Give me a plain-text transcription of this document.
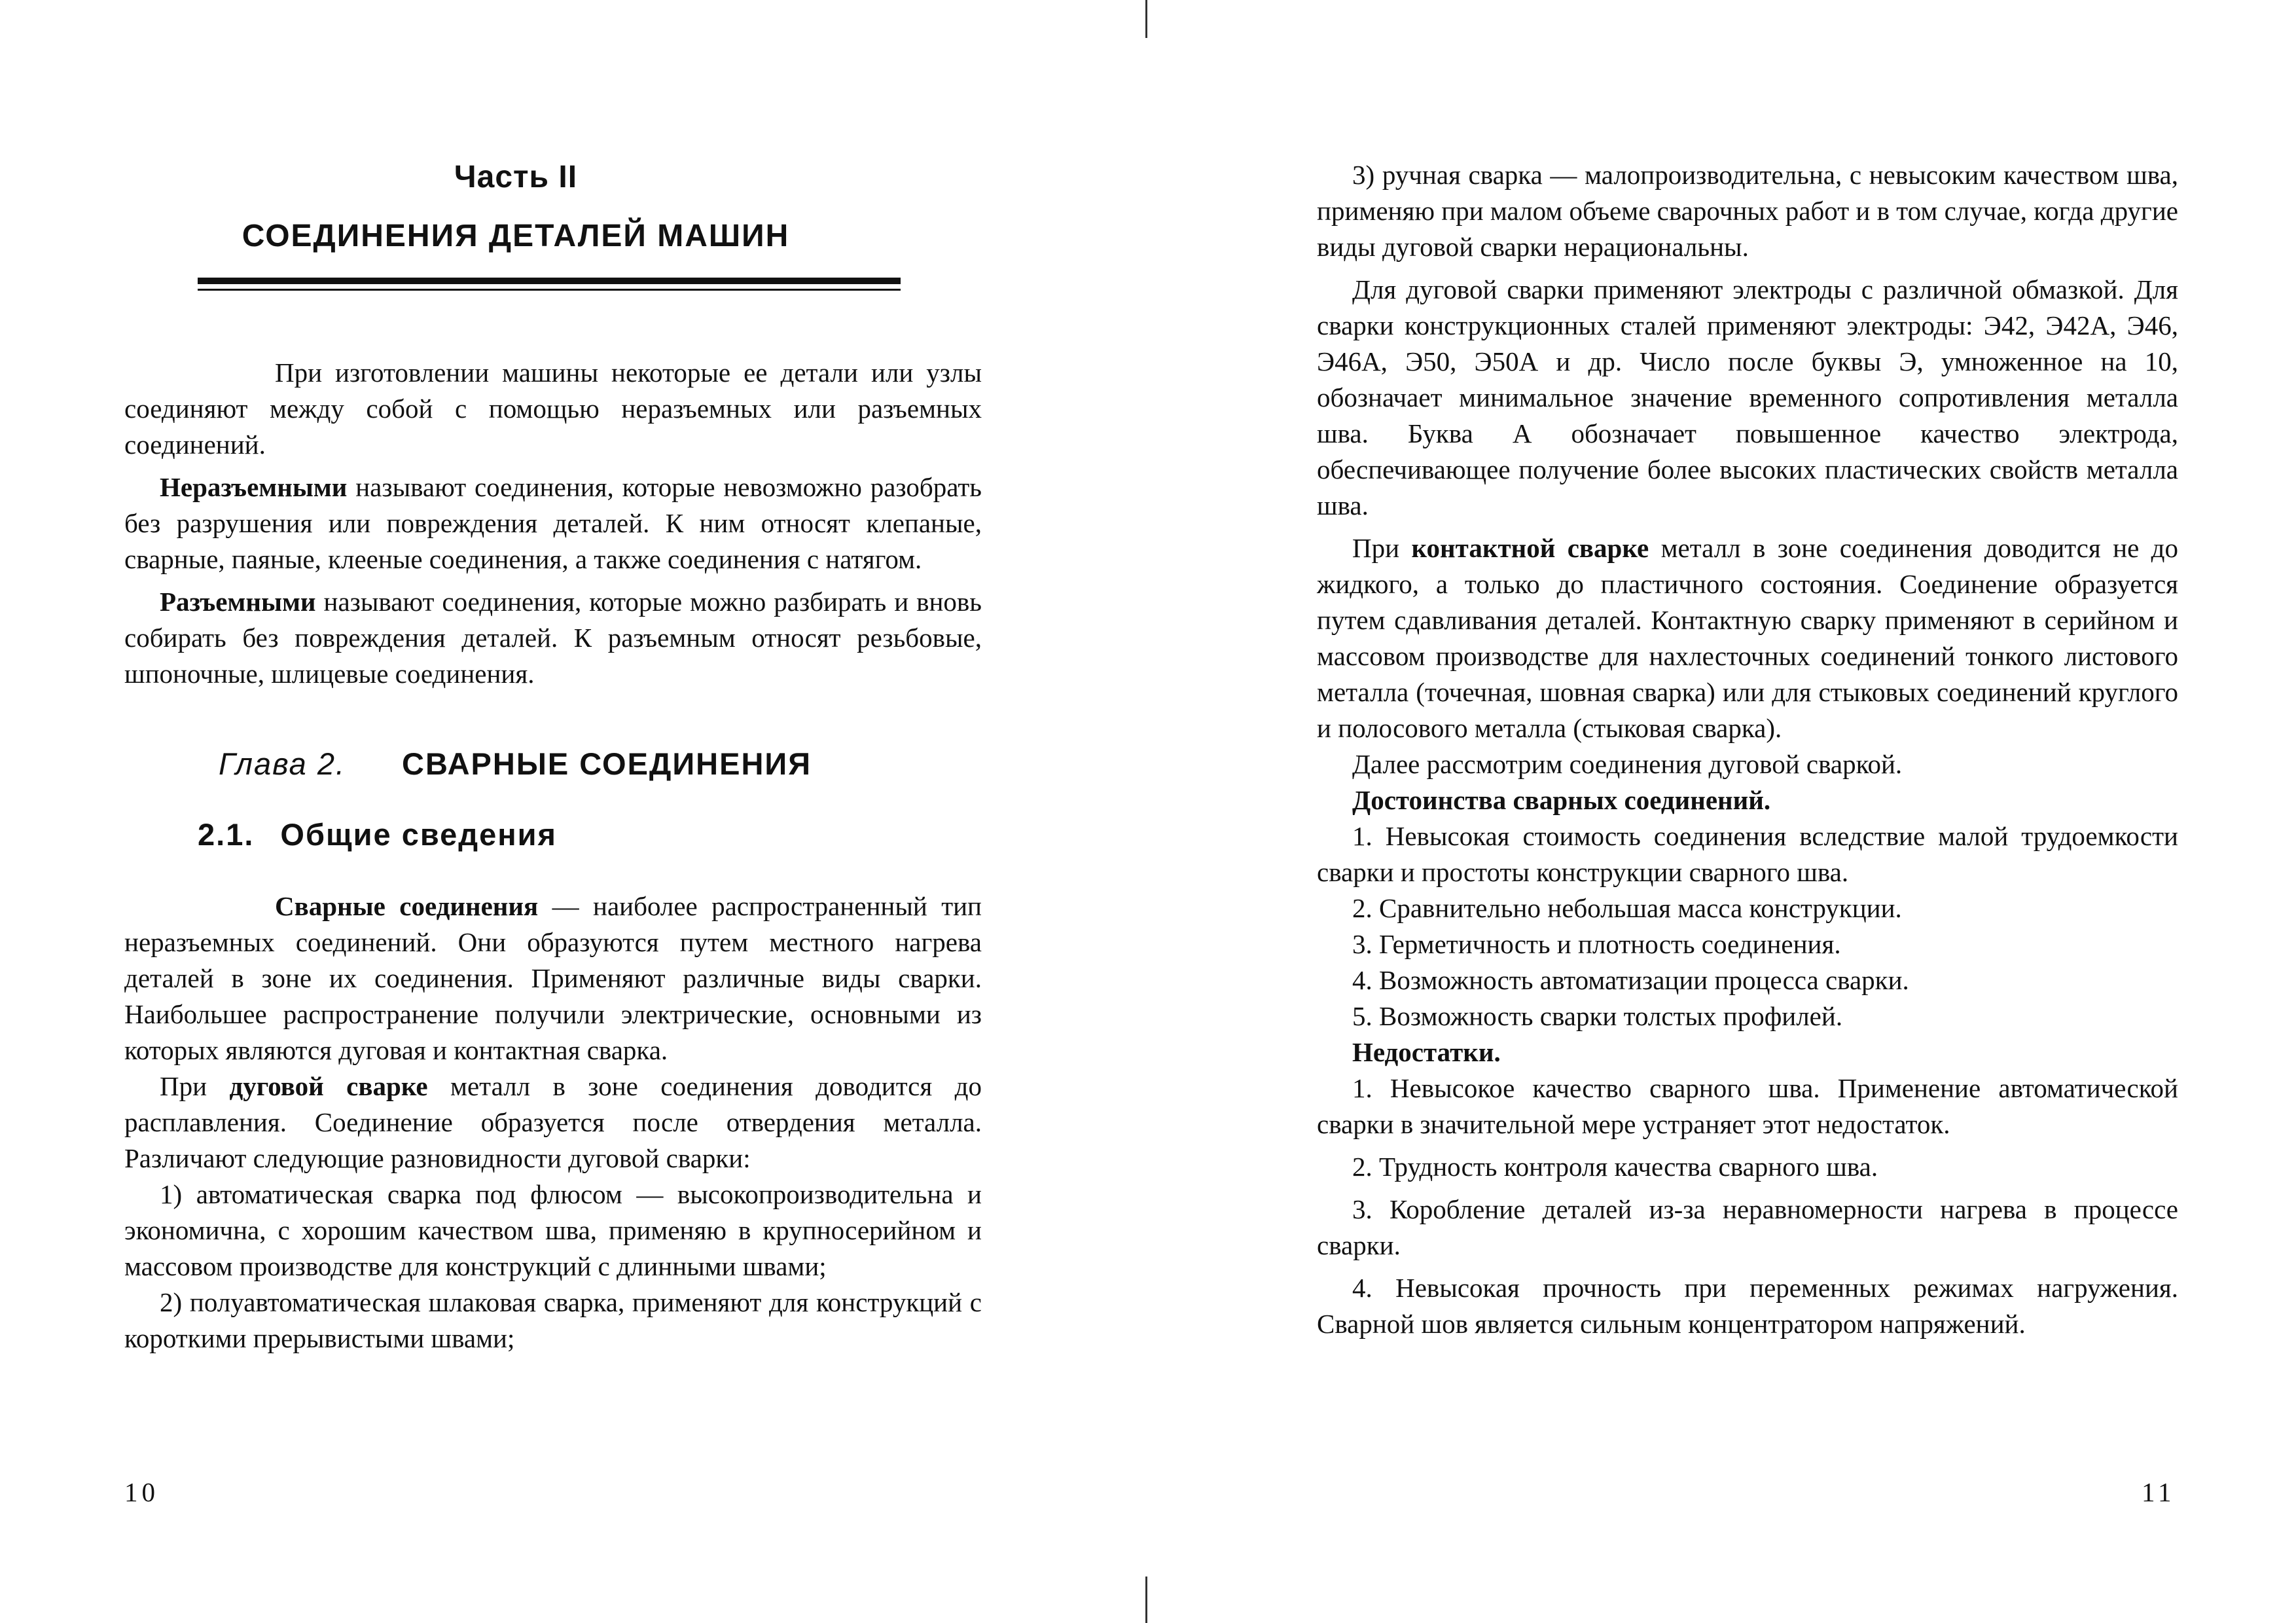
Часть II
СОЕДИНЕНИЯ ДЕТАЛЕЙ МАШИН

При изготовлении машины некоторые ее детали или узлы соединяют между собой с помощью неразъемных или разъемных соединений.

Неразъемными называют соединения, которые невозможно разобрать без разрушения или повреждения деталей. К ним относят клепаные, сварные, паяные, клееные соединения, а также соединения с натягом.

Разъемными называют соединения, которые можно разбирать и вновь собирать без повреждения деталей. К разъемным относят резьбовые, шпоночные, шлицевые соединения.

Глава 2. СВАРНЫЕ СОЕДИНЕНИЯ
2.1. Общие сведения

Сварные соединения — наиболее распространенный тип неразъемных соединений. Они образуются путем местного нагрева деталей в зоне их соединения. Применяют различные виды сварки. Наибольшее распространение получили электрические, основными из которых являются дуговая и контактная сварка.

При дуговой сварке металл в зоне соединения доводится до расплавления. Соединение образуется после отвердения металла. Различают следующие разновидности дуговой сварки:

1) автоматическая сварка под флюсом — высокопроизводительна и экономична, с хорошим качеством шва, применяю в крупносерийном и массовом производстве для конструкций с длинными швами;

2) полуавтоматическая шлаковая сварка, применяют для конструкций с короткими прерывистыми швами;

3) ручная сварка — малопроизводительна, с невысоким качеством шва, применяю при малом объеме сварочных работ и в том случае, когда другие виды дуговой сварки нерациональны.

Для дуговой сварки применяют электроды с различной обмазкой. Для сварки конструкционных сталей применяют электроды: Э42, Э42А, Э46, Э46А, Э50, Э50А и др. Число после буквы Э, умноженное на 10, обозначает минимальное значение временного сопротивления металла шва. Буква А обозначает повышенное качество электрода, обеспечивающее получение более высоких пластических свойств металла шва.

При контактной сварке металл в зоне соединения доводится не до жидкого, а только до пластичного состояния. Соединение образуется путем сдавливания деталей. Контактную сварку применяют в серийном и массовом производстве для нахлесточных соединений тонкого листового металла (точечная, шовная сварка) или для стыковых соединений круглого и полосового металла (стыковая сварка).

Далее рассмотрим соединения дуговой сваркой.

Достоинства сварных соединений.

1. Невысокая стоимость соединения вследствие малой трудоемкости сварки и простоты конструкции сварного шва.

2. Сравнительно небольшая масса конструкции.

3. Герметичность и плотность соединения.

4. Возможность автоматизации процесса сварки.

5. Возможность сварки толстых профилей.

Недостатки.

1. Невысокое качество сварного шва. Применение автоматической сварки в значительной мере устраняет этот недостаток.

2. Трудность контроля качества сварного шва.

3. Коробление деталей из-за неравномерности нагрева в процессе сварки.

4. Невысокая прочность при переменных режимах нагружения. Сварной шов является сильным концентратором напряжений.

10	11
